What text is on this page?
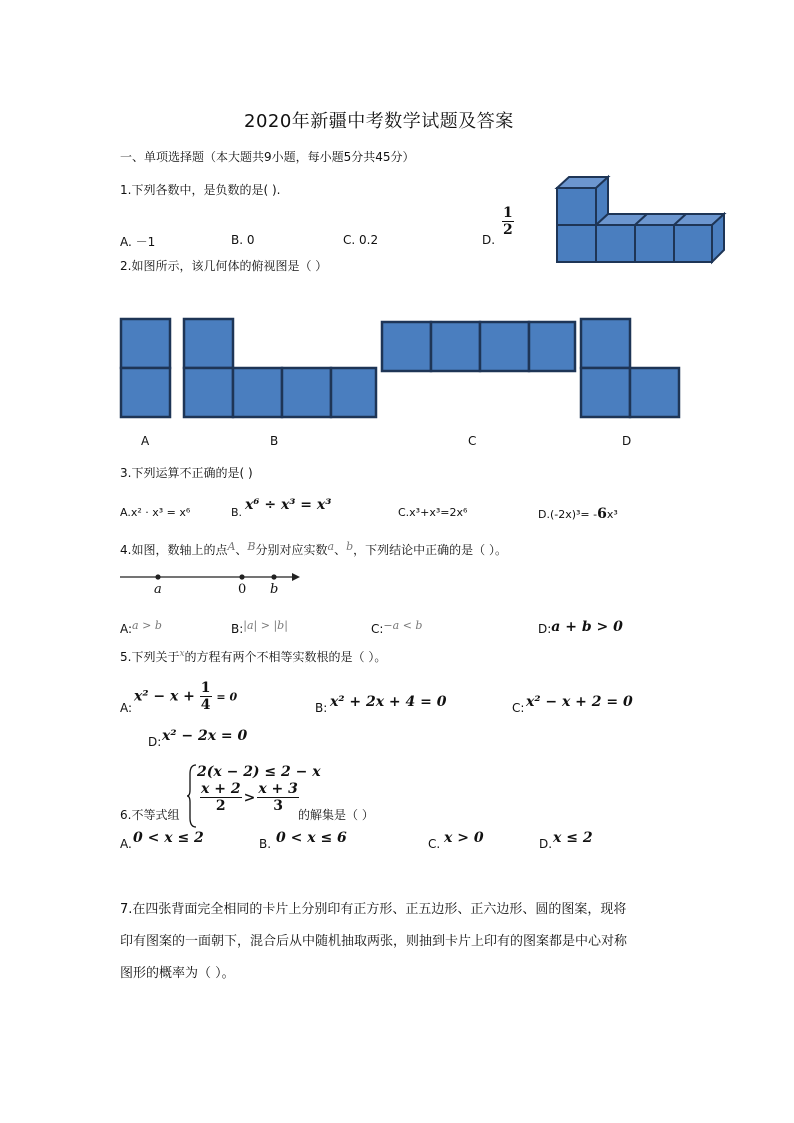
2020年新疆中考数学试题及答案
一、单项选择题（本大题共9小题，每小题5分共45分）
1.下列各数中，是负数的是( ).
A. －1	B. 0	C. 0.2	D.
$\frac{1}{2}$
2.如图所示，该几何体的俯视图是（ ）
A	B	C	D
3.下列运算不正确的是( )
A.x² · x³ = x⁶	B. x⁶ ÷ x³ = x³	C.x³+x³=2x⁶	D.(-2x)³= -6x³
4.如图，数轴上的点A、B分别对应实数a、b，下列结论中正确的是（ ）。
a	0 b
A:a > b	B:|a| > |b|	C:−a < b	D:a + b > 0
5.下列关于$^x$的方程有两个不相等实数根的是（ ）。
A:
$x^2 - x + \frac{1}{4} = 0$
B: x² + 2x + 4 = 0	C: x² − x + 2 = 0
D: x² − 2x = 0
2(x − 2) ≤ 2 − x
$\frac{x + 2}{2} > \frac{x + 3}{3}$
6.不等式组	的解集是（ ）
A. 0 < x ≤ 2	B. 0 < x ≤ 6	C. x > 0	D. x ≤ 2
7.在四张背面完全相同的卡片上分别印有正方形、正五边形、正六边形、圆的图案，现将
印有图案的一面朝下，混合后从中随机抽取两张，则抽到卡片上印有的图案都是中心对称
图形的概率为（ ）。
